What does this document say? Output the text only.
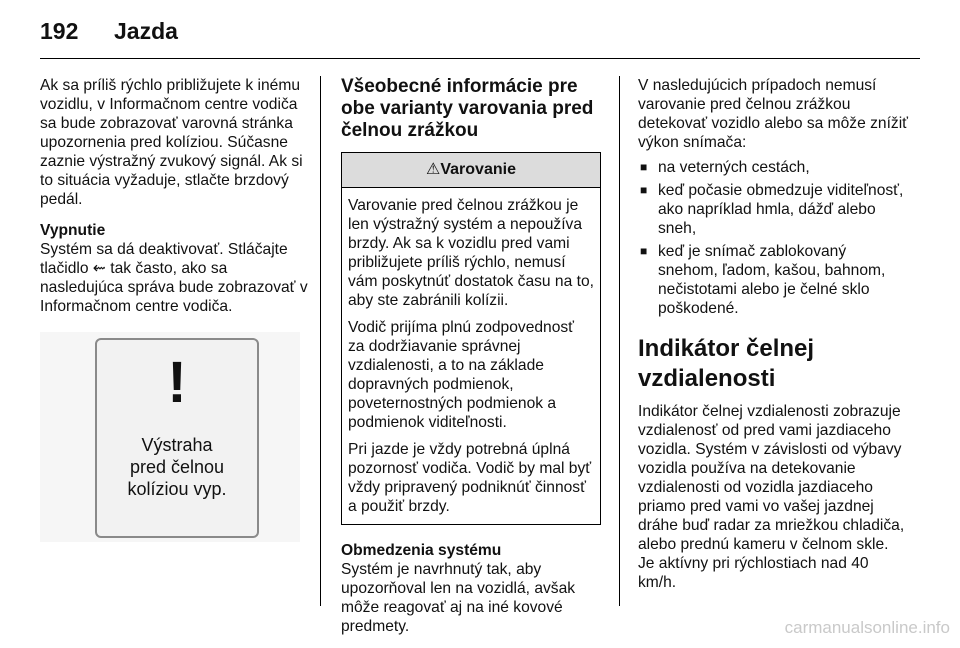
192 Jazda

Ak sa príliš rýchlo približujete k inému vozidlu, v Informačnom centre vodiča sa bude zobrazovať varovná stránka upozornenia pred kolíziou. Súčasne zaznie výstražný zvukový signál. Ak si to situácia vyžaduje, stlačte brzdový pedál.

Vypnutie

Systém sa dá deaktivovať. Stláčajte tlačidlo ⇜ tak často, ako sa nasledujúca správa bude zobrazovať v Informačnom centre vodiča.

!
Výstraha
pred čelnou
kolíziou vyp.
Všeobecné informácie pre obe varianty varovania pred čelnou zrážkou
⚠Varovanie

Varovanie pred čelnou zrážkou je len výstražný systém a nepoužíva brzdy. Ak sa k vozidlu pred vami približujete príliš rýchlo, nemusí vám poskytnúť dostatok času na to, aby ste zabránili kolízii.

Vodič prijíma plnú zodpovednosť za dodržiavanie správnej vzdialenosti, a to na základe dopravných podmienok, poveternostných podmienok a podmienok viditeľnosti.

Pri jazde je vždy potrebná úplná pozornosť vodiča. Vodič by mal byť vždy pripravený podniknúť činnosť a použiť brzdy.

Obmedzenia systému

Systém je navrhnutý tak, aby upozorňoval len na vozidlá, avšak môže reagovať aj na iné kovové predmety.

V nasledujúcich prípadoch nemusí varovanie pred čelnou zrážkou detekovať vozidlo alebo sa môže znížiť výkon snímača:

■ na veterných cestách,
■ keď počasie obmedzuje viditeľnosť, ako napríklad hmla, dážď alebo sneh,
■ keď je snímač zablokovaný snehom, ľadom, kašou, bahnom, nečistotami alebo je čelné sklo poškodené.
Indikátor čelnej vzdialenosti

Indikátor čelnej vzdialenosti zobrazuje vzdialenosť od pred vami jazdiaceho vozidla. Systém v závislosti od výbavy vozidla používa na detekovanie vzdialenosti od vozidla jazdiaceho priamo pred vami vo vašej jazdnej dráhe buď radar za mriežkou chladiča, alebo prednú kameru v čelnom skle. Je aktívny pri rýchlostiach nad 40 km/h.

carmanualsonline.info
